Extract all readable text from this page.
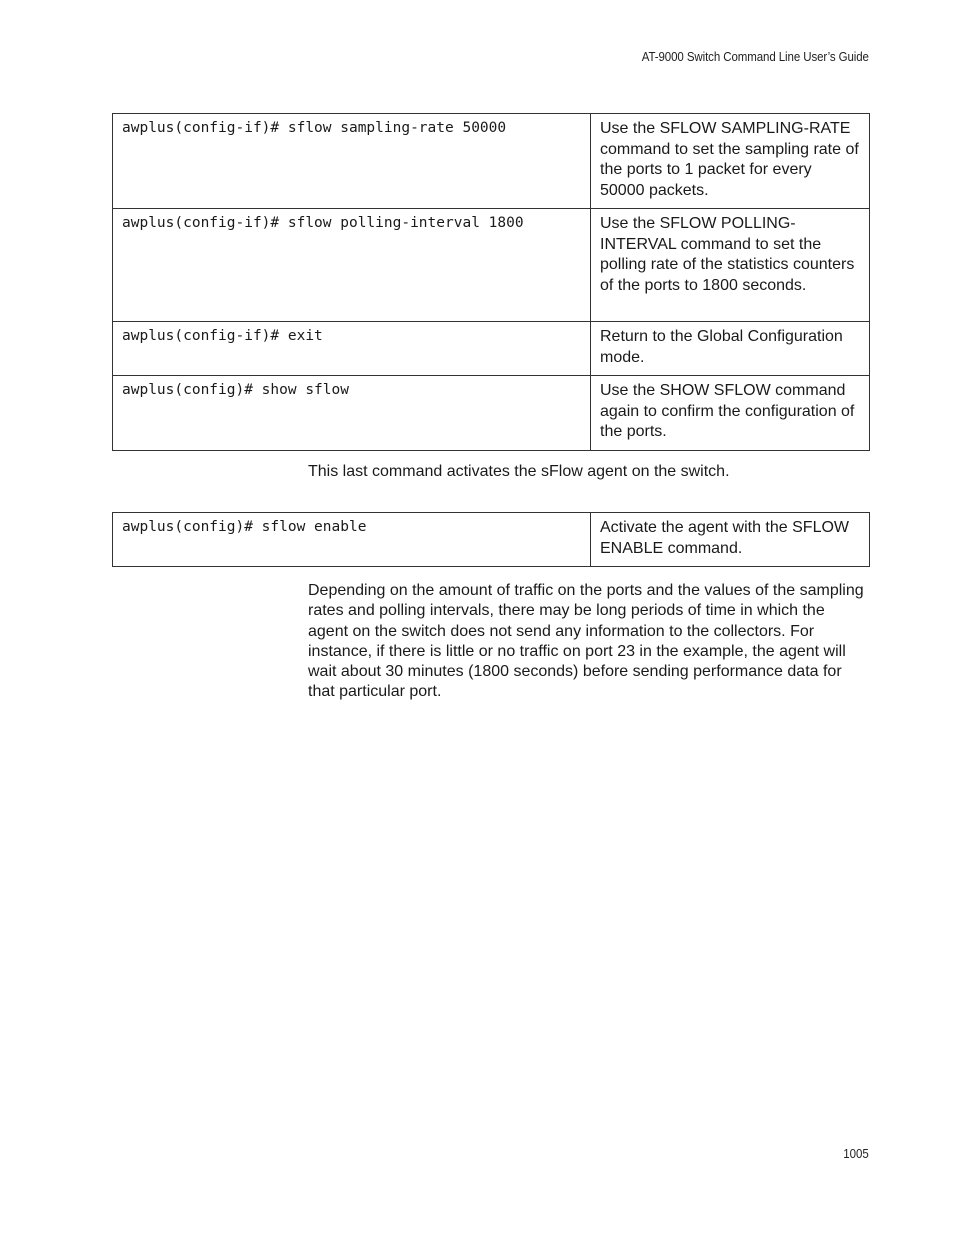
AT-9000 Switch Command Line User’s Guide
awplus(config-if)# sflow sampling-rate 50000	Use the SFLOW SAMPLING-RATE command to set the sampling rate of the ports to 1 packet for every 50000 packets.
awplus(config-if)# sflow polling-interval 1800	Use the SFLOW POLLING-INTERVAL command to set the polling rate of the statistics counters of the ports to 1800 seconds.
awplus(config-if)# exit	Return to the Global Configuration mode.
awplus(config)# show sflow	Use the SHOW SFLOW command again to confirm the configuration of the ports.

This last command activates the sFlow agent on the switch.

awplus(config)# sflow enable	Activate the agent with the SFLOW ENABLE command.

Depending on the amount of traffic on the ports and the values of the sampling rates and polling intervals, there may be long periods of time in which the agent on the switch does not send any information to the collectors. For instance, if there is little or no traffic on port 23 in the example, the agent will wait about 30 minutes (1800 seconds) before sending performance data for that particular port.

1005
